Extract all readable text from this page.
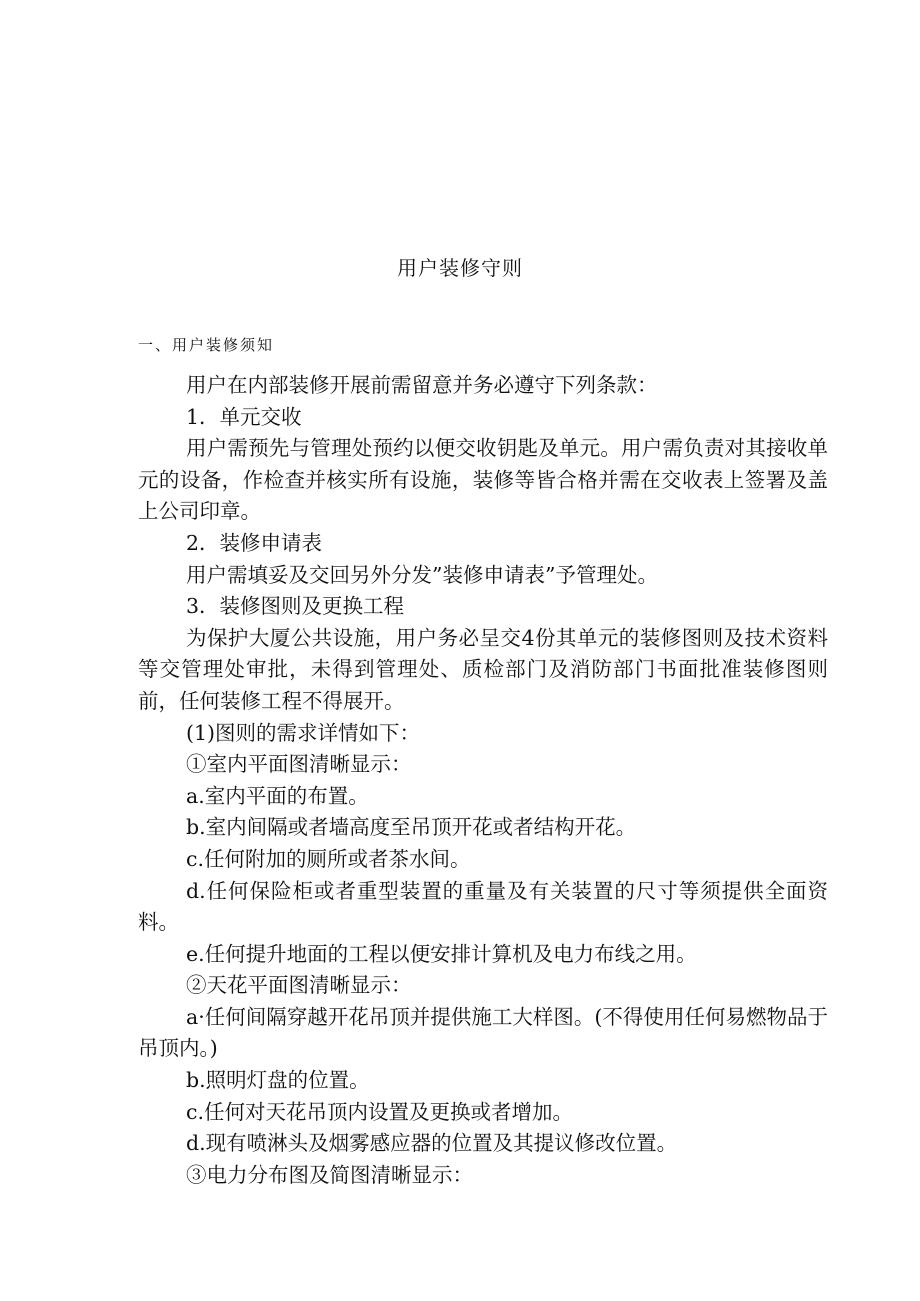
用户装修守则
一、用户装修须知

用户在内部装修开展前需留意并务必遵守下列条款：

1．单元交收

用户需预先与管理处预约以便交收钥匙及单元。用户需负责对其接收单元的设备，作检查并核实所有设施，装修等皆合格并需在交收表上签署及盖上公司印章。

2．装修申请表

用户需填妥及交回另外分发”装修申请表”予管理处。

3．装修图则及更换工程

为保护大厦公共设施，用户务必呈交4份其单元的装修图则及技术资料等交管理处审批，未得到管理处、质检部门及消防部门书面批准装修图则前，任何装修工程不得展开。

(1)图则的需求详情如下：

①室内平面图清晰显示：

a.室内平面的布置。

b.室内间隔或者墙高度至吊顶开花或者结构开花。

c.任何附加的厕所或者茶水间。

d.任何保险柜或者重型装置的重量及有关装置的尺寸等须提供全面资料。

e.任何提升地面的工程以便安排计算机及电力布线之用。

②天花平面图清晰显示：

a·任何间隔穿越开花吊顶并提供施工大样图。(不得使用任何易燃物品于吊顶内。)

b.照明灯盘的位置。

c.任何对天花吊顶内设置及更换或者增加。

d.现有喷淋头及烟雾感应器的位置及其提议修改位置。

③电力分布图及简图清晰显示：
